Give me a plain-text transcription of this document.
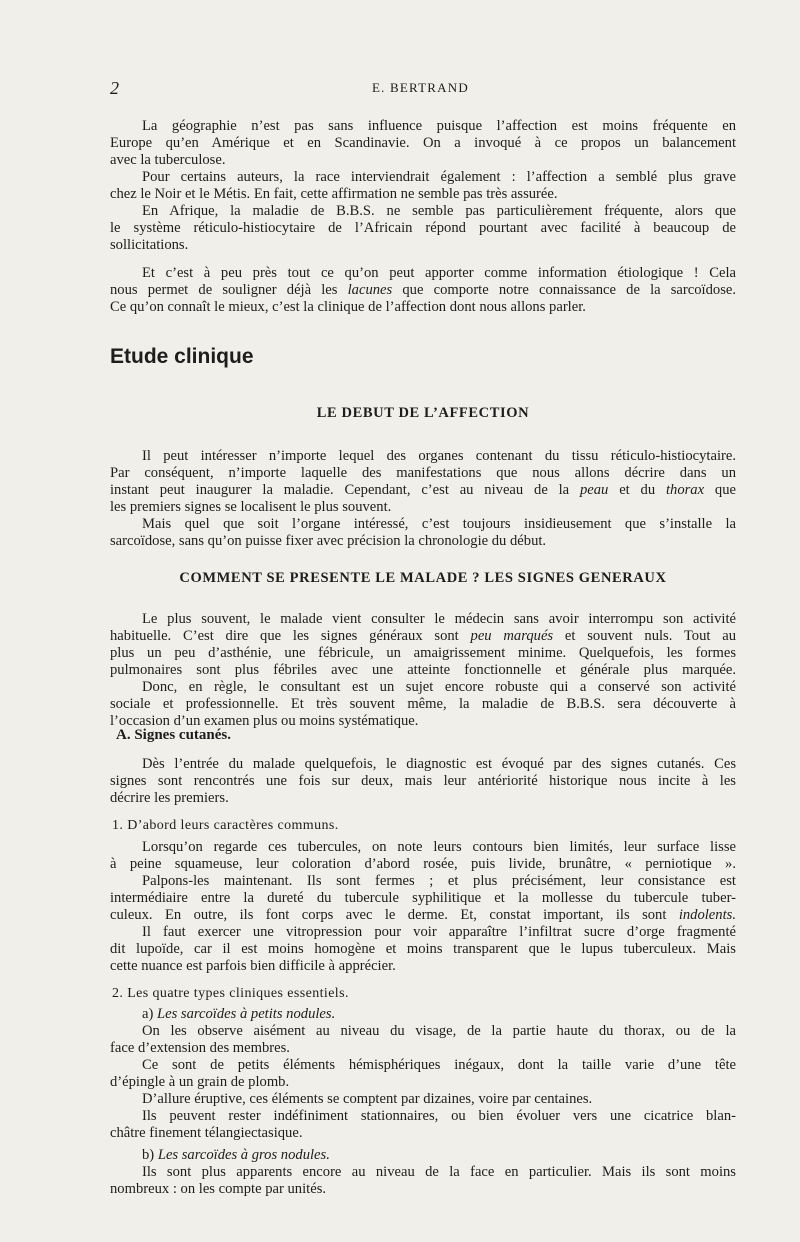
2	E. BERTRAND
La géographie n’est pas sans influence puisque l’affection est moins fréquente en
Europe qu’en Amérique et en Scandinavie. On a invoqué à ce propos un balancement
avec la tuberculose.
Pour certains auteurs, la race interviendrait également : l’affection a semblé plus grave
chez le Noir et le Métis. En fait, cette affirmation ne semble pas très assurée.
En Afrique, la maladie de B.B.S. ne semble pas particulièrement fréquente, alors que
le système réticulo-histiocytaire de l’Africain répond pourtant avec facilité à beaucoup de
sollicitations.
Et c’est à peu près tout ce qu’on peut apporter comme information étiologique ! Cela
nous permet de souligner déjà les lacunes que comporte notre connaissance de la sarcoïdose.
Ce qu’on connaît le mieux, c’est la clinique de l’affection dont nous allons parler.
Etude clinique
LE DEBUT DE L’AFFECTION
Il peut intéresser n’importe lequel des organes contenant du tissu réticulo-histiocytaire.
Par conséquent, n’importe laquelle des manifestations que nous allons décrire dans un
instant peut inaugurer la maladie. Cependant, c’est au niveau de la peau et du thorax que
les premiers signes se localisent le plus souvent.
Mais quel que soit l’organe intéressé, c’est toujours insidieusement que s’installe la
sarcoïdose, sans qu’on puisse fixer avec précision la chronologie du début.
COMMENT SE PRESENTE LE MALADE ? LES SIGNES GENERAUX
Le plus souvent, le malade vient consulter le médecin sans avoir interrompu son activité
habituelle. C’est dire que les signes généraux sont peu marqués et souvent nuls. Tout au
plus un peu d’asthénie, une fébricule, un amaigrissement minime. Quelquefois, les formes
pulmonaires sont plus fébriles avec une atteinte fonctionnelle et générale plus marquée.
Donc, en règle, le consultant est un sujet encore robuste qui a conservé son activité
sociale et professionnelle. Et très souvent même, la maladie de B.B.S. sera découverte à
l’occasion d’un examen plus ou moins systématique.
A. Signes cutanés.
Dès l’entrée du malade quelquefois, le diagnostic est évoqué par des signes cutanés. Ces
signes sont rencontrés une fois sur deux, mais leur antériorité historique nous incite à les
décrire les premiers.
1. D’abord leurs caractères communs.
Lorsqu’on regarde ces tubercules, on note leurs contours bien limités, leur surface lisse
à peine squameuse, leur coloration d’abord rosée, puis livide, brunâtre, « perniotique ».
Palpons-les maintenant. Ils sont fermes ; et plus précisément, leur consistance est
intermédiaire entre la dureté du tubercule syphilitique et la mollesse du tubercule tuber-
culeux. En outre, ils font corps avec le derme. Et, constat important, ils sont indolents.
Il faut exercer une vitropression pour voir apparaître l’infiltrat sucre d’orge fragmenté
dit lupoïde, car il est moins homogène et moins transparent que le lupus tuberculeux. Mais
cette nuance est parfois bien difficile à apprécier.
2. Les quatre types cliniques essentiels.
a) Les sarcoïdes à petits nodules.
On les observe aisément au niveau du visage, de la partie haute du thorax, ou de la
face d’extension des membres.
Ce sont de petits éléments hémisphériques inégaux, dont la taille varie d’une tête
d’épingle à un grain de plomb.
D’allure éruptive, ces éléments se comptent par dizaines, voire par centaines.
Ils peuvent rester indéfiniment stationnaires, ou bien évoluer vers une cicatrice blan-
châtre finement télangiectasique.
b) Les sarcoïdes à gros nodules.
Ils sont plus apparents encore au niveau de la face en particulier. Mais ils sont moins
nombreux : on les compte par unités.
